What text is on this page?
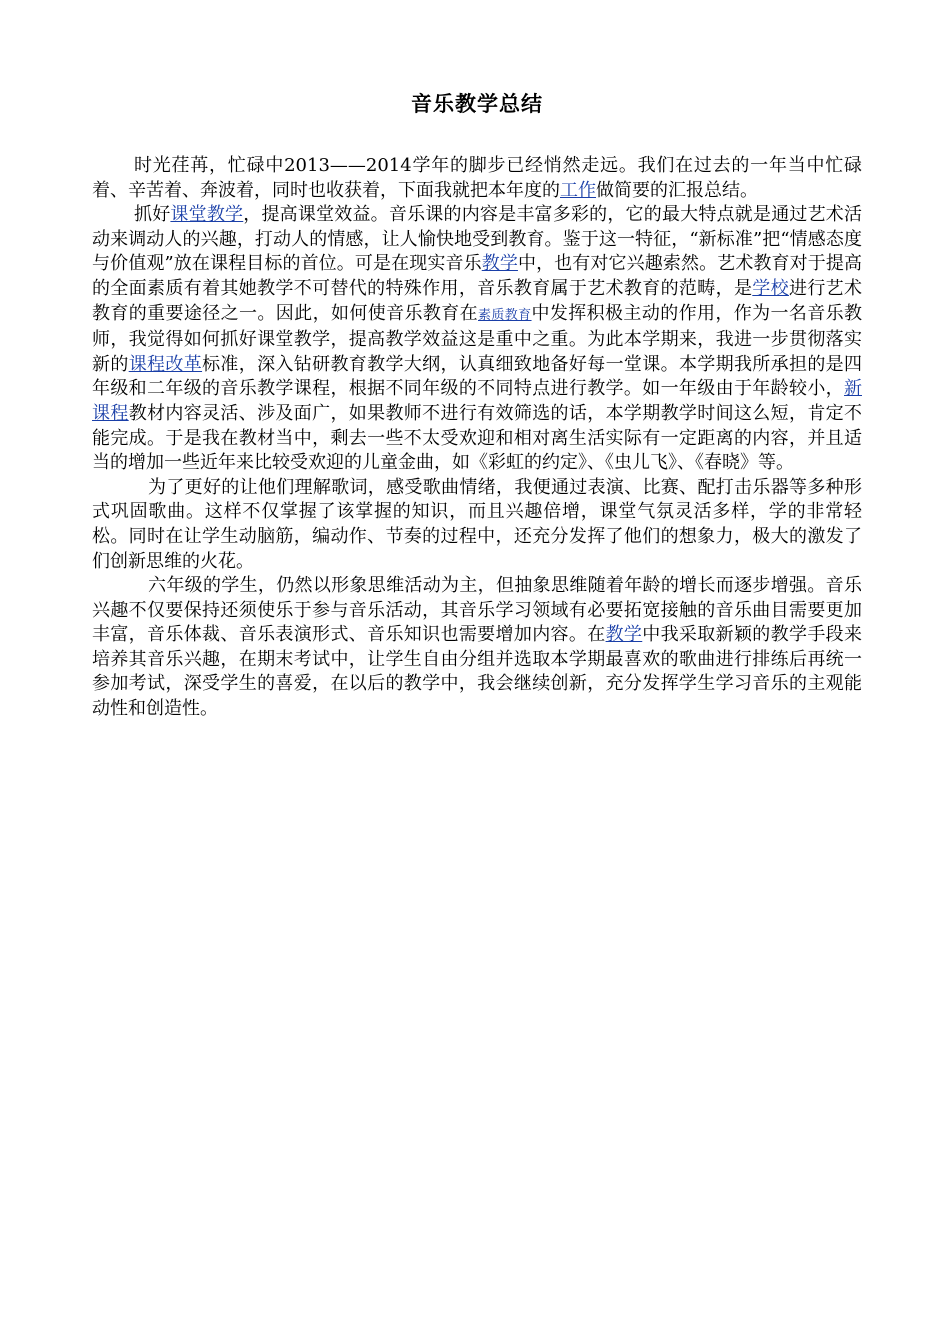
音乐教学总结

时光荏苒，忙碌中2013——2014学年的脚步已经悄然走远。我们在过去的一年当中忙碌着、辛苦着、奔波着，同时也收获着，下面我就把本年度的工作做简要的汇报总结。

抓好课堂教学，提高课堂效益。音乐课的内容是丰富多彩的，它的最大特点就是通过艺术活动来调动人的兴趣，打动人的情感，让人愉快地受到教育。鉴于这一特征，“新标准”把“情感态度与价值观”放在课程目标的首位。可是在现实音乐教学中，也有对它兴趣索然。艺术教育对于提高的全面素质有着其她教学不可替代的特殊作用，音乐教育属于艺术教育的范畴，是学校进行艺术教育的重要途径之一。因此，如何使音乐教育在素质教育中发挥积极主动的作用，作为一名音乐教师，我觉得如何抓好课堂教学，提高教学效益这是重中之重。为此本学期来，我进一步贯彻落实新的课程改革标准，深入钻研教育教学大纲，认真细致地备好每一堂课。本学期我所承担的是四年级和二年级的音乐教学课程，根据不同年级的不同特点进行教学。如一年级由于年龄较小，新课程教材内容灵活、涉及面广，如果教师不进行有效筛选的话，本学期教学时间这么短，肯定不能完成。于是我在教材当中，剩去一些不太受欢迎和相对离生活实际有一定距离的内容，并且适当的增加一些近年来比较受欢迎的儿童金曲，如《彩虹的约定》、《虫儿飞》、《春晓》等。

为了更好的让他们理解歌词，感受歌曲情绪，我便通过表演、比赛、配打击乐器等多种形式巩固歌曲。这样不仅掌握了该掌握的知识，而且兴趣倍增，课堂气氛灵活多样，学的非常轻松。同时在让学生动脑筋，编动作、节奏的过程中，还充分发挥了他们的想象力，极大的激发了们创新思维的火花。

六年级的学生，仍然以形象思维活动为主，但抽象思维随着年龄的增长而逐步增强。音乐兴趣不仅要保持还须使乐于参与音乐活动，其音乐学习领域有必要拓宽接触的音乐曲目需要更加丰富，音乐体裁、音乐表演形式、音乐知识也需要增加内容。在教学中我采取新颖的教学手段来培养其音乐兴趣，在期末考试中，让学生自由分组并选取本学期最喜欢的歌曲进行排练后再统一参加考试，深受学生的喜爱，在以后的教学中，我会继续创新，充分发挥学生学习音乐的主观能动性和创造性。
